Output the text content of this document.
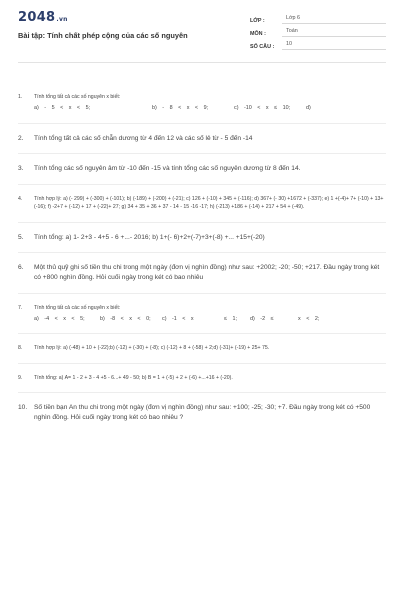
2048.vn
Bài tập: Tính chất phép cộng của các số nguyên
LỚP :	Lớp 6
MÔN :	Toán
SỐ CÂU :	10
1.	Tính tổng tất cả các số nguyên x biết:
a) - 5 < x < 5;	b) - 8 < x < 9;	c) -10 < x ≤ 10;	d)
2.	Tính tổng tất cả các số chẵn dương từ 4 đến 12 và các số lẻ từ - 5 đến -14
3.	Tính tổng các số nguyên âm từ -10 đến -15 và tính tổng các số nguyên dương từ 8 đến 14.
4.	Tính hợp lý: a) (- 299) + (-300) + (-101); b) (-189) + (-200) + (-21); c) 126 + (-10) + 345 + (-116); d) 367+ (- 30) +1672 + (-337); e) 1 +(-4)+ 7+ (-10) + 13+ (-16); f) -2+7 + (-12) + 17 + (-22)+ 27; g) 34 + 35 + 36 + 37 - 14 - 15 -16 -17; h) (-213) +186 + (-14) + 217 + 54 + (-49).
5.	Tính tổng: a) 1- 2+3 - 4+5 - 6 +...- 2016; b) 1+(- 6)+2+(-7)+3+(-8) +... +15+(-20)
6.	Một thủ quỹ ghi số tiền thu chi trong một ngày (đơn vị nghìn đồng) như sau: +2002; -20; -50; +217. Đầu ngày trong két có +800 nghìn đồng. Hỏi cuối ngày trong két có bao nhiêu
7.	Tính tổng tất cả các số nguyên x biết:
a) -4 < x < 5;	b) -8 < x < 0;	c) -1 < x	≤ 1;	d) -2 ≤	x < 2;
8.	Tính hợp lý: a) (-48) + 10 + (-22);b) (-12) + (-30) + (-8); c) (-12) + 8 + (-58) + 2;d) (-31)+ (-19) + 25+ 75.
9.	Tính tổng: a) A= 1 - 2 + 3 - 4 +5 - 6...+ 49 - 50; b) B = 1 + (-5) + 2 + (-6) +...+16 + (-20).
10.	Số tiền bạn An thu chi trong một ngày (đơn vị nghìn đồng) như sau: +100; -25; -30; +7. Đầu ngày trong két có +500 nghìn đồng. Hỏi cuối ngày trong két có bao nhiêu ?
